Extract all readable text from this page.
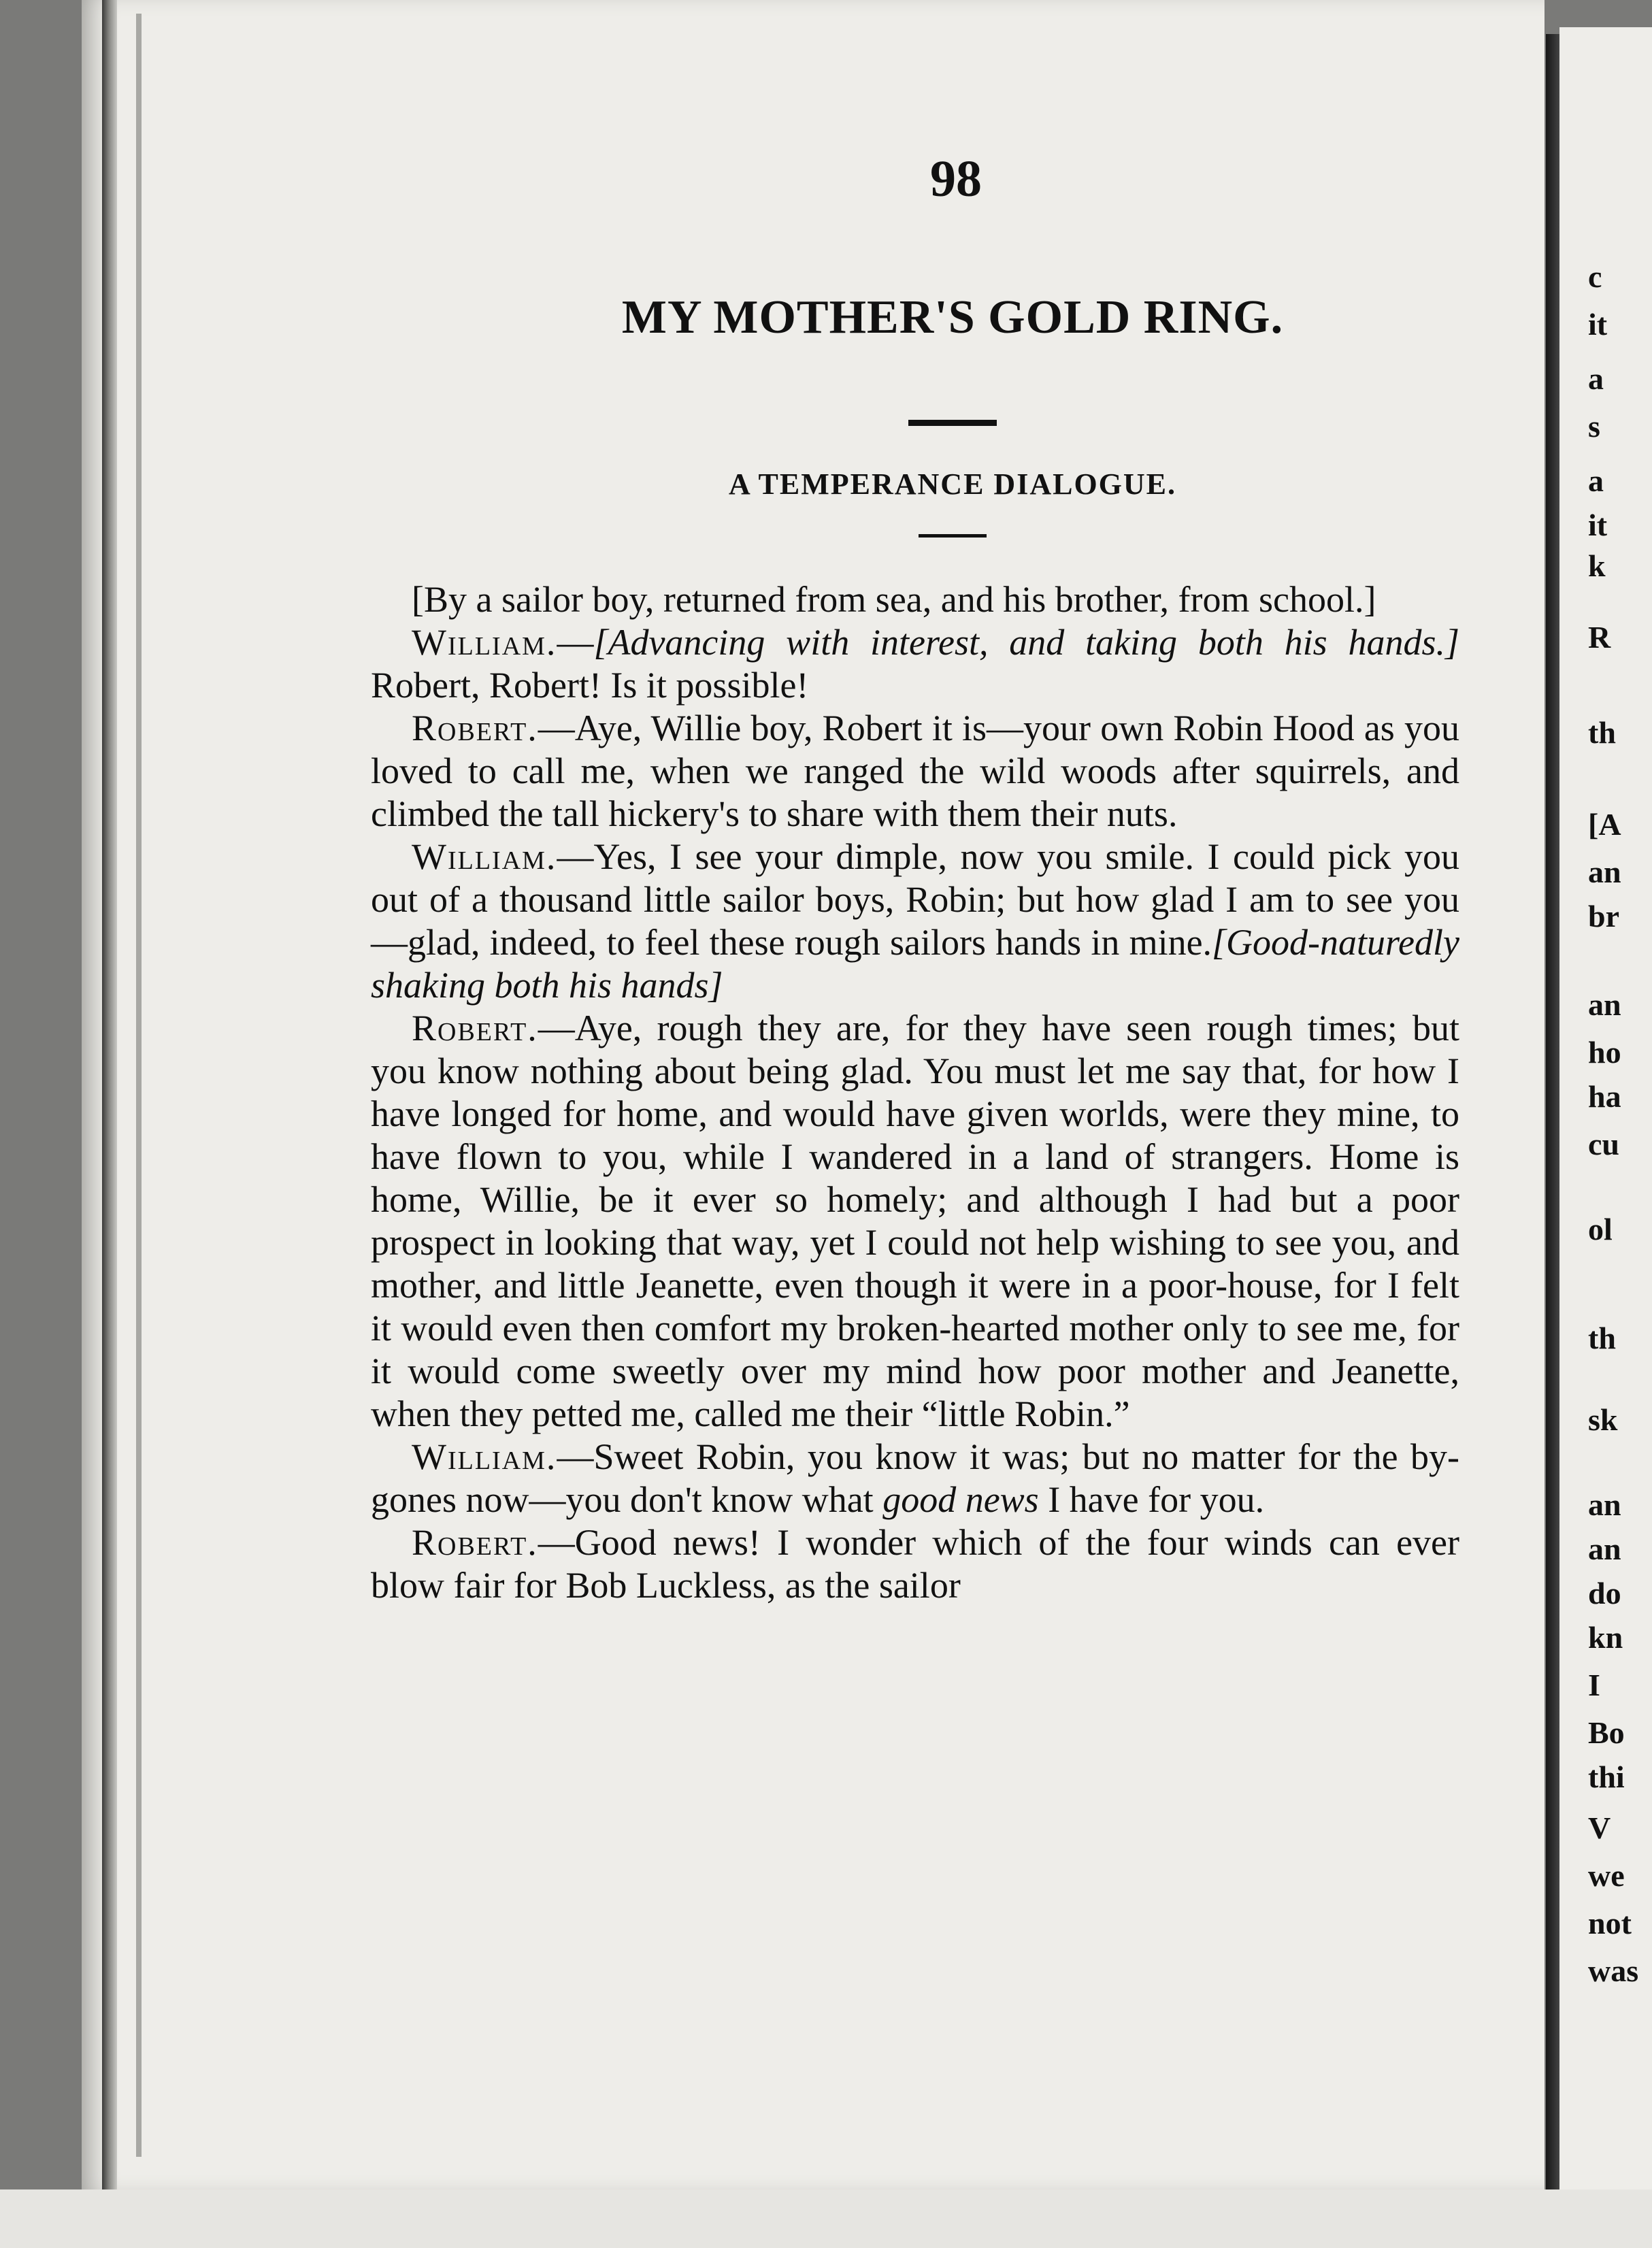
c
it
a
s
a
it
k
R
th
[A
an
br
an
ho
ha
cu
ol
th
sk
an
an
do
kn
I
Bo
thi
V
we
not
was
98
MY MOTHER'S GOLD RING.
A TEMPERANCE DIALOGUE.

[By a sailor boy, returned from sea, and his brother, from school.]

William.—[Advancing with interest, and taking both his hands.] Robert, Robert! Is it possible!

Robert.—Aye, Willie boy, Robert it is—your own Robin Hood as you loved to call me, when we ranged the wild woods after squirrels, and climbed the tall hickery's to share with them their nuts.

William.—Yes, I see your dimple, now you smile. I could pick you out of a thousand little sailor boys, Robin; but how glad I am to see you—glad, indeed, to feel these rough sailors hands in mine.[Good-naturedly shaking both his hands]

Robert.—Aye, rough they are, for they have seen rough times; but you know nothing about being glad. You must let me say that, for how I have longed for home, and would have given worlds, were they mine, to have flown to you, while I wandered in a land of strangers. Home is home, Willie, be it ever so homely; and although I had but a poor prospect in looking that way, yet I could not help wishing to see you, and mother, and little Jeanette, even though it were in a poor-house, for I felt it would even then comfort my broken-hearted mother only to see me, for it would come sweetly over my mind how poor mother and Jeanette, when they petted me, called me their “little Robin.”

William.—Sweet Robin, you know it was; but no matter for the by-gones now—you don't know what good news I have for you.

Robert.—Good news! I wonder which of the four winds can ever blow fair for Bob Luckless, as the sailor
